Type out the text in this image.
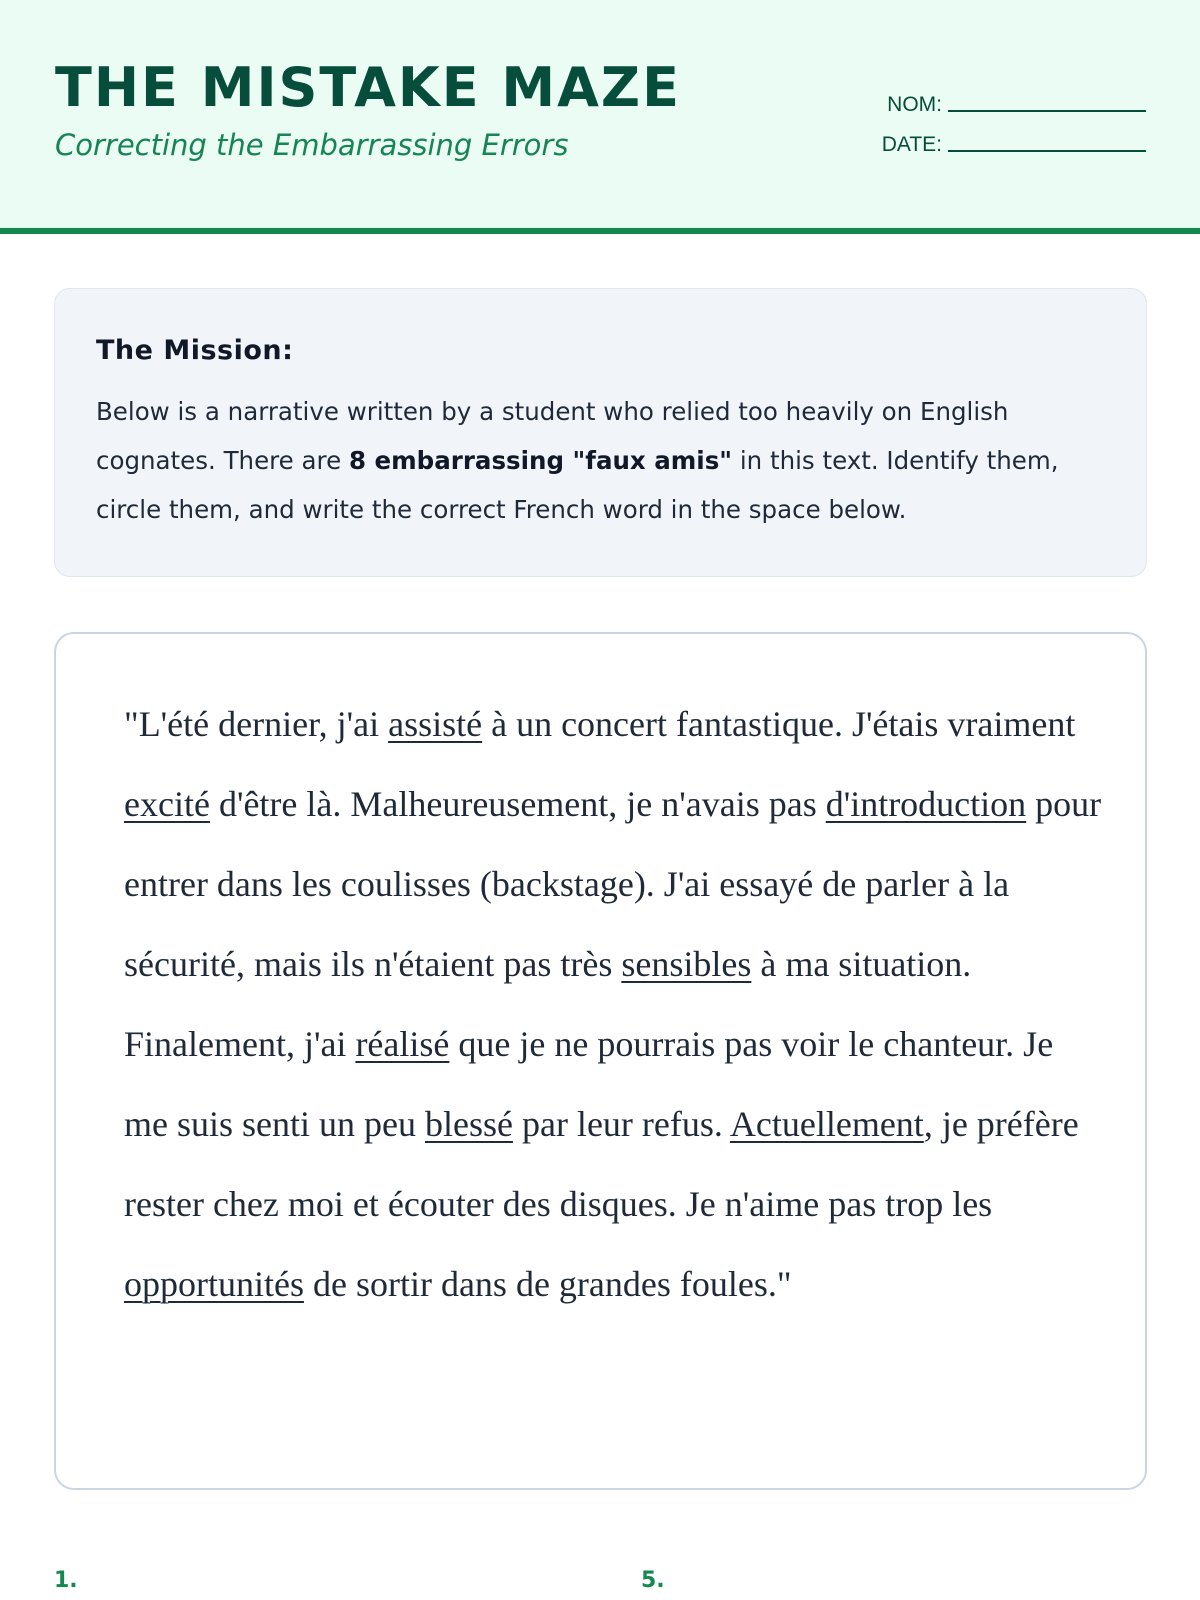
THE MISTAKE MAZE
Correcting the Embarrassing Errors
NOM:
DATE:
The Mission:
Below is a narrative written by a student who relied too heavily on English cognates. There are 8 embarrassing "faux amis" in this text. Identify them, circle them, and write the correct French word in the space below.
"L'été dernier, j'ai assisté à un concert fantastique. J'étais vraiment excité d'être là. Malheureusement, je n'avais pas d'introduction pour entrer dans les coulisses (backstage). J'ai essayé de parler à la sécurité, mais ils n'étaient pas très sensibles à ma situation. Finalement, j'ai réalisé que je ne pourrais pas voir le chanteur. Je me suis senti un peu blessé par leur refus. Actuellement, je préfère rester chez moi et écouter des disques. Je n'aime pas trop les opportunités de sortir dans de grandes foules."
1.	5.
